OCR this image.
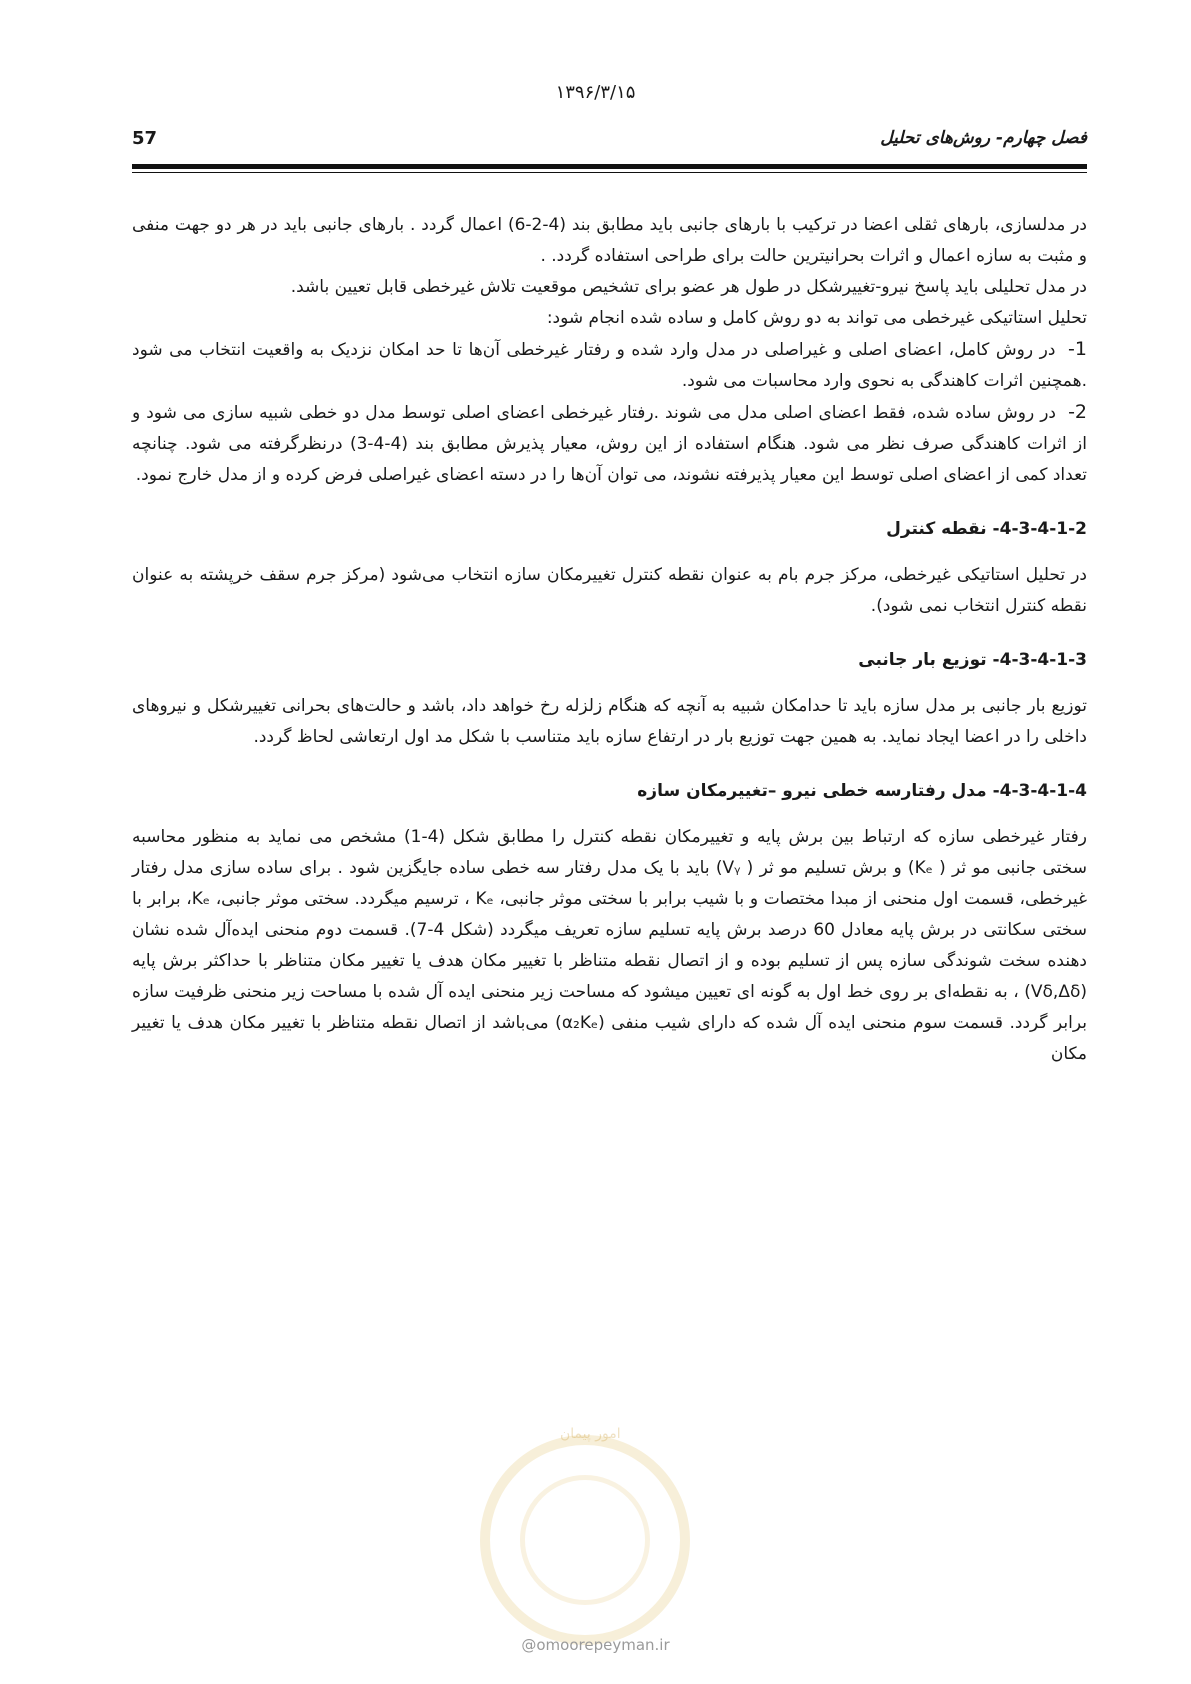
۱۳۹۶/۳/۱۵
فصل چهارم- روش‌های تحلیل
57

در مدلسازی، بارهای ثقلی اعضا در ترکیب با بارهای جانبی باید مطابق بند (4-2-6) اعمال گردد . بارهای جانبی باید در هر دو جهت منفی و مثبت به سازه اعمال و اثرات بحرانیترین حالت برای طراحی استفاده گردد. .

در مدل تحلیلی باید پاسخ نیرو-تغییرشکل در طول هر عضو برای تشخیص موقعیت تلاش غیرخطی قابل تعیین باشد.

تحلیل استاتیکی غیرخطی می تواند به دو روش کامل و ساده شده انجام شود:

1- در روش کامل، اعضای اصلی و غیراصلی در مدل وارد شده و رفتار غیرخطی آن‌ها تا حد امکان نزدیک به واقعیت انتخاب می شود .همچنین اثرات کاهندگی به نحوی وارد محاسبات می شود.

2- در روش ساده شده، فقط اعضای اصلی مدل می شوند .رفتار غیرخطی اعضای اصلی توسط مدل دو خطی شبیه سازی می شود و از اثرات کاهندگی صرف نظر می شود. هنگام استفاده از این روش، معیار پذیرش مطابق بند (4-4-3) درنظرگرفته می شود. چنانچه تعداد کمی از اعضای اصلی توسط این معیار پذیرفته نشوند، می توان آن‌ها را در دسته اعضای غیراصلی فرض کرده و از مدل خارج نمود.

4-3-4-1-2- نقطه کنترل

در تحلیل استاتیکی غیرخطی، مرکز جرم بام به عنوان نقطه کنترل تغییرمکان سازه انتخاب می‌شود (مرکز جرم سقف خرپشته به عنوان نقطه کنترل انتخاب نمی شود).

4-3-4-1-3- توزیع بار جانبی

توزیع بار جانبی بر مدل سازه باید تا حدامکان شبیه به آنچه که هنگام زلزله رخ خواهد داد، باشد و حالت‌های بحرانی تغییرشکل و نیروهای داخلی را در اعضا ایجاد نماید. به همین جهت توزیع بار در ارتفاع سازه باید متناسب با شکل مد اول ارتعاشی لحاظ گردد.

4-3-4-1-4- مدل رفتارسه خطی نیرو –تغییرمکان سازه

رفتار غیرخطی سازه که ارتباط بین برش پایه و تغییرمکان نقطه کنترل را مطابق شکل (4-1) مشخص می نماید به منظور محاسبه سختی جانبی مو ثر ( Kₑ) و برش تسلیم مو ثر ( Vᵧ) باید با یک مدل رفتار سه خطی ساده جایگزین شود . برای ساده سازی مدل رفتار غیرخطی، قسمت اول منحنی از مبدا مختصات و با شیب برابر با سختی موثر جانبی، Kₑ ، ترسیم میگردد. سختی موثر جانبی، Kₑ، برابر با سختی سکانتی در برش پایه معادل 60 درصد برش پایه تسلیم سازه تعریف میگردد (شکل 4-7). قسمت دوم منحنی ایده‌آل شده نشان دهنده سخت شوندگی سازه پس از تسلیم بوده و از اتصال نقطه متناظر با تغییر مکان هدف یا تغییر مکان متناظر با حداکثر برش پایه (Vδ,Δδ) ، به نقطه‌ای بر روی خط اول به گونه ای تعیین میشود که مساحت زیر منحنی ایده آل شده با مساحت زیر منحنی ظرفیت سازه برابر گردد. قسمت سوم منحنی ایده آل شده که دارای شیب منفی (α₂Kₑ) می‌باشد از اتصال نقطه متناظر با تغییر مکان هدف یا تغییر مکان

امور پیمان
@omoorepeyman.ir
